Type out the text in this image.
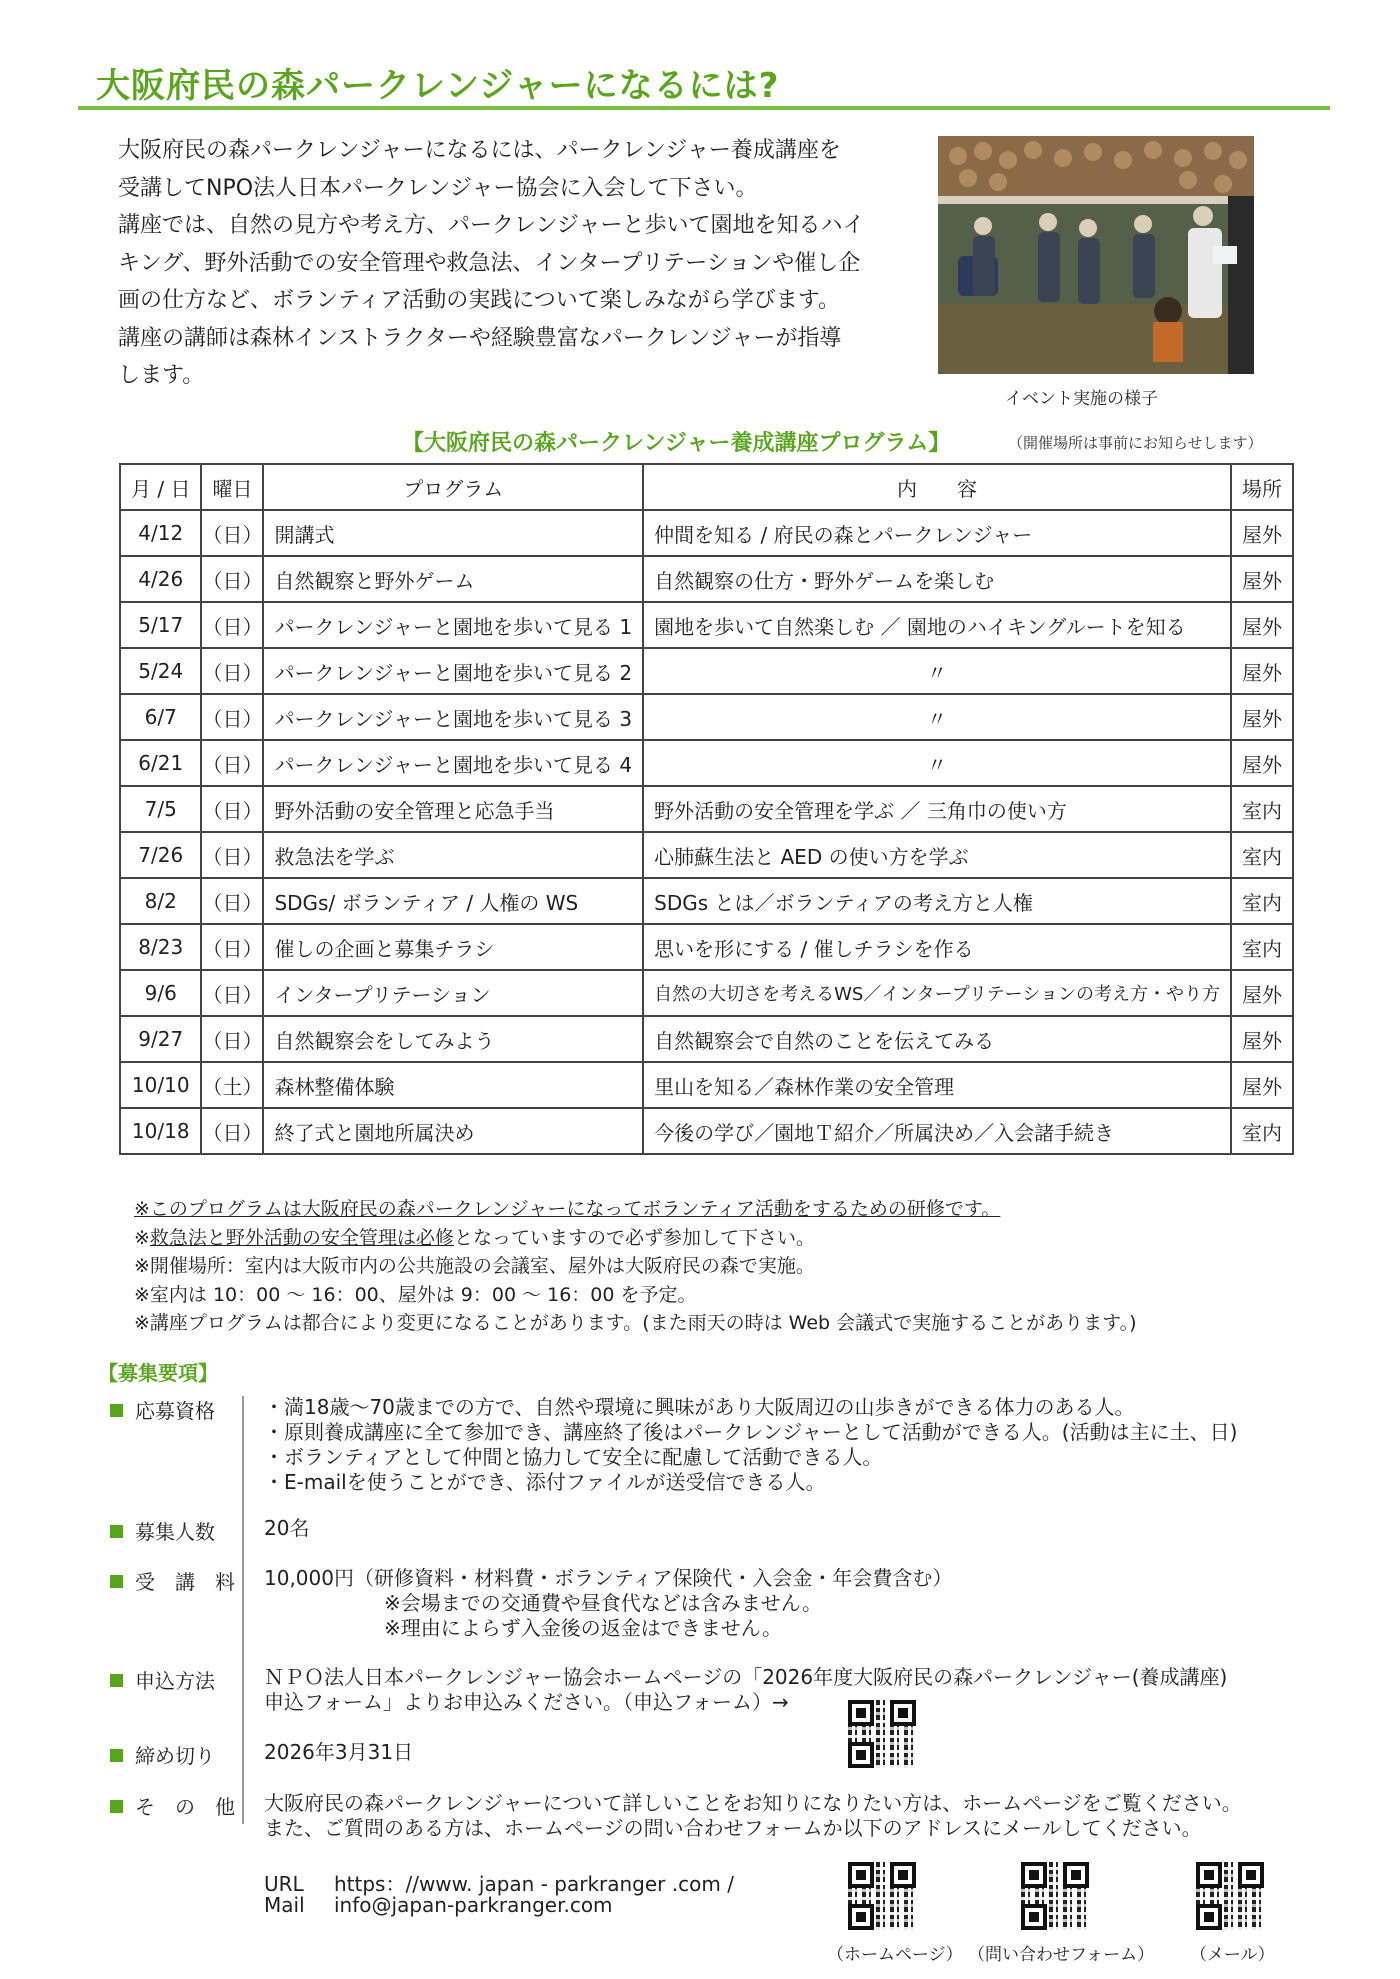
大阪府民の森パークレンジャーになるには?

大阪府民の森パークレンジャーになるには、パークレンジャー養成講座を

受講してNPO法人日本パークレンジャー協会に入会して下さい。

講座では、自然の見方や考え方、パークレンジャーと歩いて園地を知るハイ

キング、野外活動での安全管理や救急法、インタープリテーションや催し企

画の仕方など、ボランティア活動の実践について楽しみながら学びます。

講座の講師は森林インストラクターや経験豊富なパークレンジャーが指導

します。

イベント実施の様子
【大阪府民の森パークレンジャー養成講座プログラム】	（開催場所は事前にお知らせします）
月 / 日	曜日	プログラム	内　　容	場所
4/12	（日）	開講式	仲間を知る / 府民の森とパークレンジャー	屋外
4/26	（日）	自然観察と野外ゲーム	自然観察の仕方・野外ゲームを楽しむ	屋外
5/17	（日）	パークレンジャーと園地を歩いて見る 1	園地を歩いて自然楽しむ ／ 園地のハイキングルートを知る	屋外
5/24	（日）	パークレンジャーと園地を歩いて見る 2	〃	屋外
6/7	（日）	パークレンジャーと園地を歩いて見る 3	〃	屋外
6/21	（日）	パークレンジャーと園地を歩いて見る 4	〃	屋外
7/5	（日）	野外活動の安全管理と応急手当	野外活動の安全管理を学ぶ ／ 三角巾の使い方	室内
7/26	（日）	救急法を学ぶ	心肺蘇生法と AED の使い方を学ぶ	室内
8/2	（日）	SDGs/ ボランティア / 人権の WS	SDGs とは／ボランティアの考え方と人権	室内
8/23	（日）	催しの企画と募集チラシ	思いを形にする / 催しチラシを作る	室内
9/6	（日）	インタープリテーション	自然の大切さを考えるWS／インタープリテーションの考え方・やり方	屋外
9/27	（日）	自然観察会をしてみよう	自然観察会で自然のことを伝えてみる	屋外
10/10	（土）	森林整備体験	里山を知る／森林作業の安全管理	屋外
10/18	（日）	終了式と園地所属決め	今後の学び／園地Ｔ紹介／所属決め／入会諸手続き	室内
※このプログラムは大阪府民の森パークレンジャーになってボランティア活動をするための研修です。
※救急法と野外活動の安全管理は必修となっていますので必ず参加して下さい。
※開催場所：室内は大阪市内の公共施設の会議室、屋外は大阪府民の森で実施。
※室内は 10：00 ～ 16：00、屋外は 9：00 ～ 16：00 を予定。
※講座プログラムは都合により変更になることがあります。(また雨天の時は Web 会議式で実施することがあります。)
【募集要項】
応募資格 ・満18歳～70歳までの方で、自然や環境に興味があり大阪周辺の山歩きができる体力のある人。
・原則養成講座に全て参加でき、講座終了後はパークレンジャーとして活動ができる人。(活動は主に土、日)
・ボランティアとして仲間と協力して安全に配慮して活動できる人。
・E-mailを使うことができ、添付ファイルが送受信できる人。
募集人数 20名
受　講　料 10,000円（研修資料・材料費・ボランティア保険代・入会金・年会費含む）
※会場までの交通費や昼食代などは含みません。
※理由によらず入金後の返金はできません。
申込方法 ＮＰＯ法人日本パークレンジャー協会ホームページの「2026年度大阪府民の森パークレンジャー(養成講座)
申込フォーム」よりお申込みください。（申込フォーム）→
締め切り 2026年3月31日
そ　の　他 大阪府民の森パークレンジャーについて詳しいことをお知りになりたい方は、ホームページをご覧ください。
また、ご質問のある方は、ホームページの問い合わせフォームか以下のアドレスにメールしてください。
URL https：//www. japan - parkranger .com /
Mail info@japan-parkranger.com
（ホームページ） （問い合わせフォーム） （メール）
